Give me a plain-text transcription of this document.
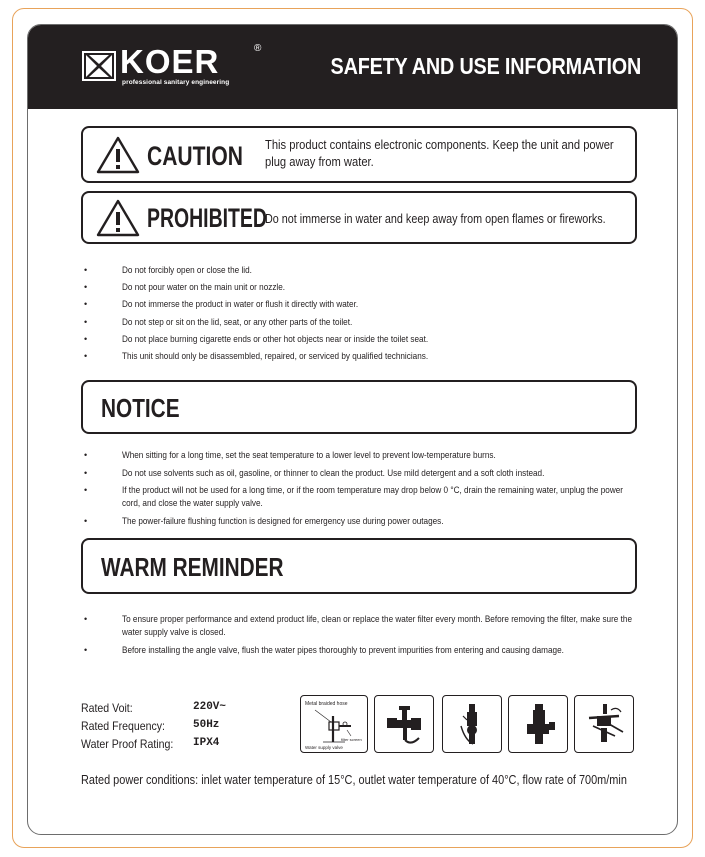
KOER	®
professional sanitary engineering
SAFETY AND USE INFORMATION
CAUTION This product contains electronic components. Keep the unit and power plug away from water.
PROHIBITED
Do not immerse in water and keep away from open flames or fireworks.
•	Do not forcibly open or close the lid.
•	Do not pour water on the main unit or nozzle.
•	Do not immerse the product in water or flush it directly with water.
•	Do not step or sit on the lid, seat, or any other parts of the toilet.
•	Do not place burning cigarette ends or other hot objects near or inside the toilet seat.
•	This unit should only be disassembled, repaired, or serviced by qualified technicians.
NOTICE
•	When sitting for a long time, set the seat temperature to a lower level to prevent low-temperature burns.
•	Do not use solvents such as oil, gasoline, or thinner to clean the product. Use mild detergent and a soft cloth instead.
•	If the product will not be used for a long time, or if the room temperature may drop below 0 °C, drain the remaining water, unplug the power cord, and close the water supply valve.
•	The power-failure flushing function is designed for emergency use during power outages.
WARM REMINDER
•	To ensure proper performance and extend product life, clean or replace the water filter every month. Before removing the filter, make sure the water supply valve is closed.
•	Before installing the angle valve, flush the water pipes thoroughly to prevent impurities from entering and causing damage.
Rated Voit:	220V~
Rated Frequency:	50Hz
Water Proof Rating: IPX4
Metal braided hose
filter screen
Water supply valve
Rated power conditions: inlet water temperature of 15°C, outlet water temperature of 40°C, flow rate of 700m/min
